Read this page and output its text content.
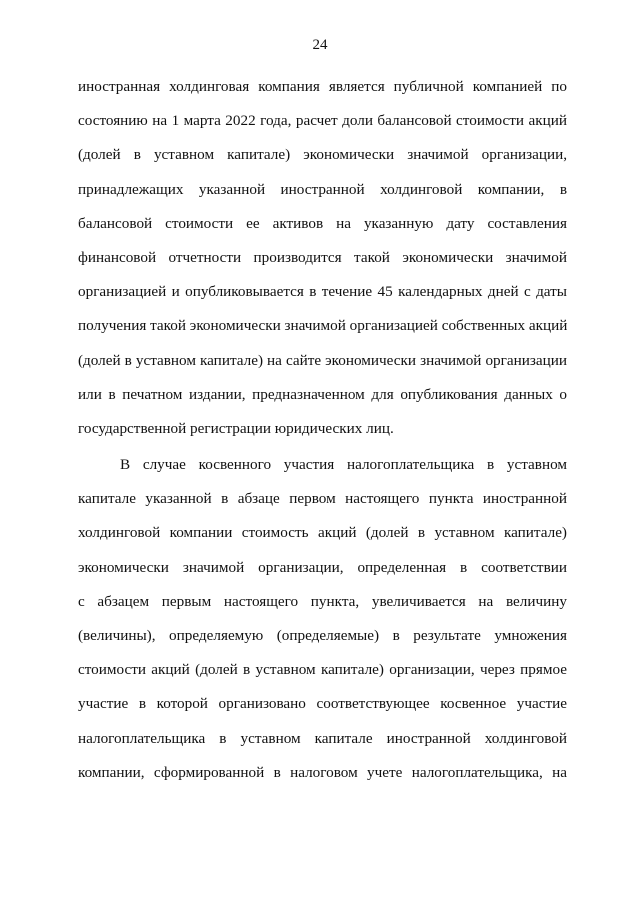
24
иностранная холдинговая компания является публичной компанией по
состоянию на 1 марта 2022 года, расчет доли балансовой стоимости акций
(долей в уставном капитале) экономически значимой организации,
принадлежащих указанной иностранной холдинговой компании, в
балансовой стоимости ее активов на указанную дату составления
финансовой отчетности производится такой экономически значимой
организацией и опубликовывается в течение 45 календарных дней с даты
получения такой экономически значимой организацией собственных акций
(долей в уставном капитале) на сайте экономически значимой организации
или в печатном издании, предназначенном для опубликования данных о
государственной регистрации юридических лиц.
В случае косвенного участия налогоплательщика в уставном
капитале указанной в абзаце первом настоящего пункта иностранной
холдинговой компании стоимость акций (долей в уставном капитале)
экономически значимой организации, определенная в соответствии
с абзацем первым настоящего пункта, увеличивается на величину
(величины), определяемую (определяемые) в результате умножения
стоимости акций (долей в уставном капитале) организации, через прямое
участие в которой организовано соответствующее косвенное участие
налогоплательщика в уставном капитале иностранной холдинговой
компании, сформированной в налоговом учете налогоплательщика, на
